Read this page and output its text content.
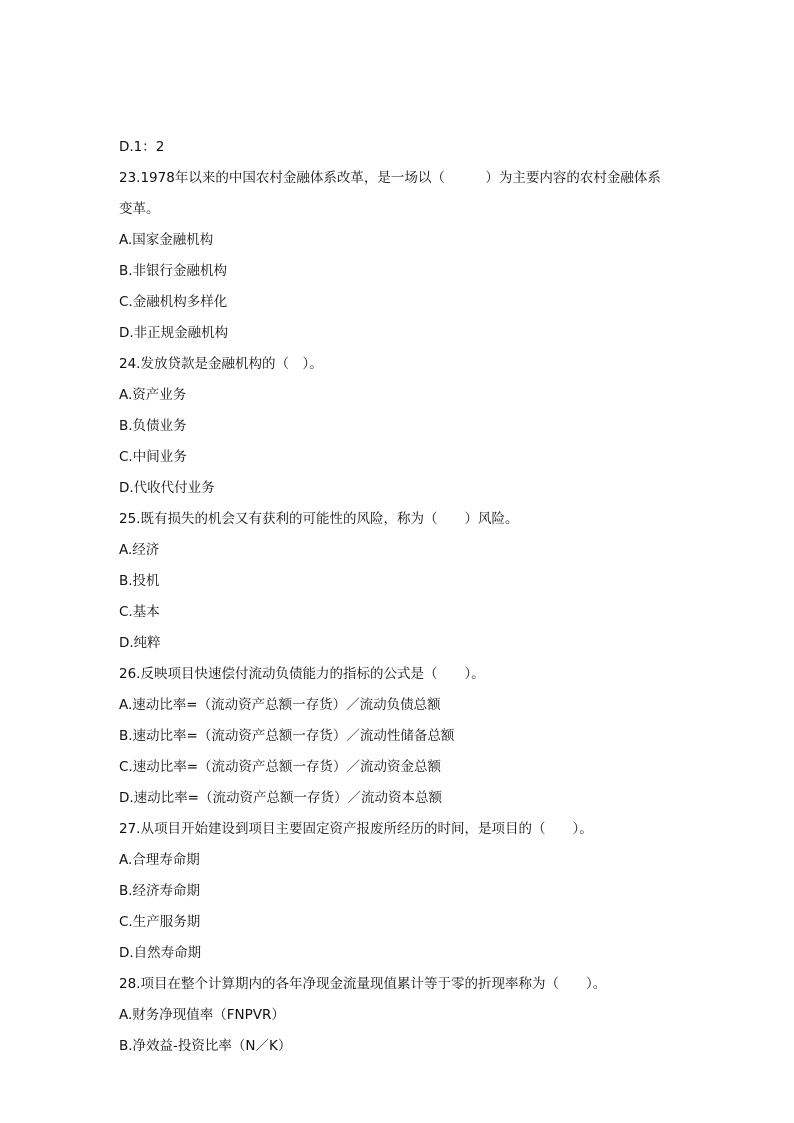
D.1：2
23.1978年以来的中国农村金融体系改革，是一场以（　　　）为主要内容的农村金融体系
变革。
A.国家金融机构
B.非银行金融机构
C.金融机构多样化
D.非正规金融机构
24.发放贷款是金融机构的（　）。
A.资产业务
B.负债业务
C.中间业务
D.代收代付业务
25.既有损失的机会又有获利的可能性的风险，称为（　　）风险。
A.经济
B.投机
C.基本
D.纯粹
26.反映项目快速偿付流动负债能力的指标的公式是（　　）。
A.速动比率=（流动资产总额一存货）／流动负债总额
B.速动比率=（流动资产总额一存货）／流动性储备总额
C.速动比率=（流动资产总额一存货）／流动资金总额
D.速动比率=（流动资产总额一存货）／流动资本总额
27.从项目开始建设到项目主要固定资产报废所经历的时间，是项目的（　　）。
A.合理寿命期
B.经济寿命期
C.生产服务期
D.自然寿命期
28.项目在整个计算期内的各年净现金流量现值累计等于零的折现率称为（　　）。
A.财务净现值率（FNPVR）
B.净效益-投资比率（N／K）
